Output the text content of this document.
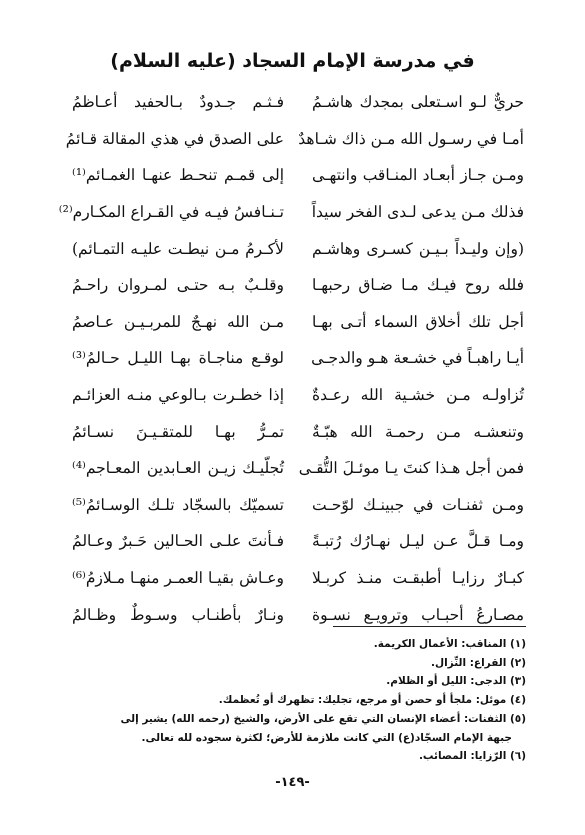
في مدرسة الإمام السجاد (عليه السلام)
حريٌّ لـو اسـتعلى بمجدك هاشـمُ
فـثـم جـدودٌ بـالحفيد أعـاظمُ
أمـا في رسـول الله مـن ذاك شـاهدٌ
على الصدق في هذي المقالة قـائمُ
ومـن جـاز أبعـاد المنـاقب وانتهـى
إلى قمـم تنحـط عنهـا الغمـائم⁽¹⁾
فذلك مـن يدعى لـدى الفخر سيداً
تـنـافسُ فيـه في القـراع المكـارم⁽²⁾
(وإن وليـداً بـيـن كسـرى وهاشـم
لأكـرمُ مـن نيطـت عليـه التمـائم)
فلله روح فيـك مـا ضـاق رحبهـا
وقلـبٌ بـه حتـى لمـروان راحـمُ
أجل تلك أخلاق السماء أتـى بهـا
مـن الله نهـجٌ للمربـيـن عـاصمُ
أيـا راهبـاً في خشـعة هـو والدجـى
لوقـع مناجـاة بهـا الليـل حـالمُ⁽³⁾
تُزاولـه مـن خشـية الله رعـدةٌ
إذا خطـرت بـالوعي منـه العزائـم
وتنعشـه مـن رحمـة الله هبّـةٌ
تمـرُّ بهـا للمتقـيـنَ نسـائمُ
فمن أجل هـذا كنتَ يـا موئـلَ التُّقـى
تُجلّيـك زيـن العـابدين المعـاجم⁽⁴⁾
ومـن ثفنـات في جبينـك لوّحـت
تسميّك بالسجّاد تلـك الوسـائمُ⁽⁵⁾
ومـا قـلَّ عـن ليـل نهـارُك رُتبـةً
فـأنتَ علـى الحـالين حَـبرٌ وعـالمُ
كبـارٌ رزايـا أطبقـت منـذ كربـلا
وعـاش بقيـا العمـر منهـا مـلازمُ⁽⁶⁾
مصـارعُ أحبـاب وترويـع نسـوة
ونـارٌ بأطنـاب وسـوطٌ وظـالمُ
(١) المناقب: الأعمال الكريمة.
(٢) القراع: النِّزال.
(٣) الدجى: الليل أو الظلام.
(٤) موئل: ملجأ أو حصن أو مرجع، تجليك: تظهرك أو تُعظمك.
(٥) الثفنات: أعضاء الإنسان التي تقع على الأرض، والشيخ (رحمه الله) يشير إلى
جبهة الإمام السجّاد(ع) التي كانت ملازمة للأرض؛ لكثرة سجوده لله تعالى.
(٦) الرّزايا: المصائب.
-١٤٩-
